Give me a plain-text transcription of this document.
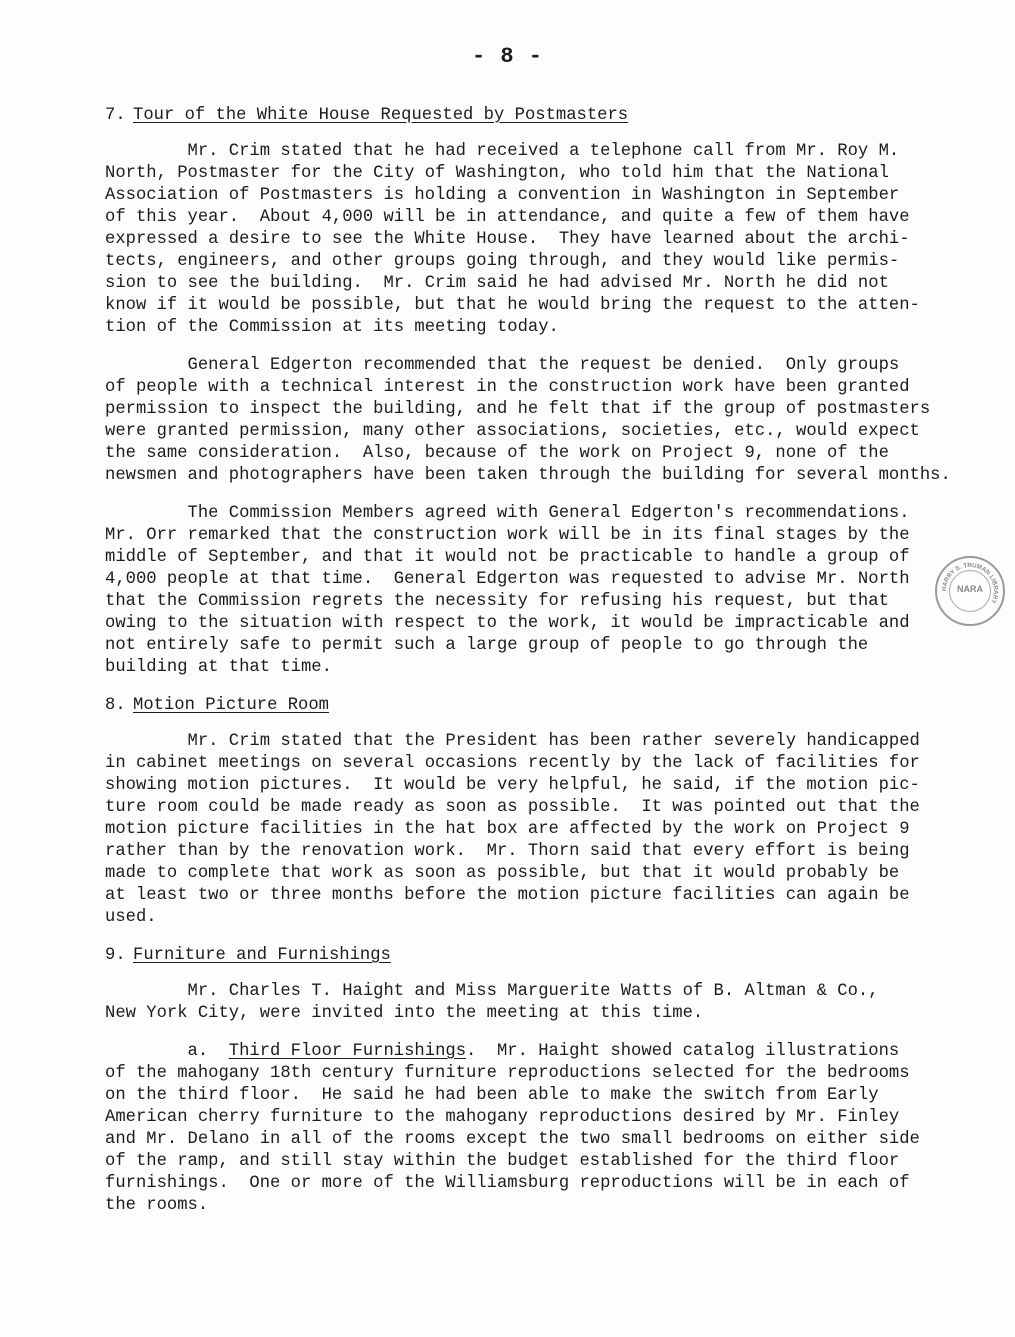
- 8 -
7. Tour of the White House Requested by Postmasters
Mr. Crim stated that he had received a telephone call from Mr. Roy M.
North, Postmaster for the City of Washington, who told him that the National
Association of Postmasters is holding a convention in Washington in September
of this year.  About 4,000 will be in attendance, and quite a few of them have
expressed a desire to see the White House.  They have learned about the archi-
tects, engineers, and other groups going through, and they would like permis-
sion to see the building.  Mr. Crim said he had advised Mr. North he did not
know if it would be possible, but that he would bring the request to the atten-
tion of the Commission at its meeting today.
General Edgerton recommended that the request be denied.  Only groups
of people with a technical interest in the construction work have been granted
permission to inspect the building, and he felt that if the group of postmasters
were granted permission, many other associations, societies, etc., would expect
the same consideration.  Also, because of the work on Project 9, none of the
newsmen and photographers have been taken through the building for several months.
The Commission Members agreed with General Edgerton's recommendations.
Mr. Orr remarked that the construction work will be in its final stages by the
middle of September, and that it would not be practicable to handle a group of
4,000 people at that time.  General Edgerton was requested to advise Mr. North
that the Commission regrets the necessity for refusing his request, but that
owing to the situation with respect to the work, it would be impracticable and
not entirely safe to permit such a large group of people to go through the
building at that time.
8. Motion Picture Room
Mr. Crim stated that the President has been rather severely handicapped
in cabinet meetings on several occasions recently by the lack of facilities for
showing motion pictures.  It would be very helpful, he said, if the motion pic-
ture room could be made ready as soon as possible.  It was pointed out that the
motion picture facilities in the hat box are affected by the work on Project 9
rather than by the renovation work.  Mr. Thorn said that every effort is being
made to complete that work as soon as possible, but that it would probably be
at least two or three months before the motion picture facilities can again be
used.
9. Furniture and Furnishings
Mr. Charles T. Haight and Miss Marguerite Watts of B. Altman & Co.,
New York City, were invited into the meeting at this time.
a.  Third Floor Furnishings.  Mr. Haight showed catalog illustrations
of the mahogany 18th century furniture reproductions selected for the bedrooms
on the third floor.  He said he had been able to make the switch from Early
American cherry furniture to the mahogany reproductions desired by Mr. Finley
and Mr. Delano in all of the rooms except the two small bedrooms on either side
of the ramp, and still stay within the budget established for the third floor
furnishings.  One or more of the Williamsburg reproductions will be in each of
the rooms.
HARRY S. TRUMAN LIBRARY
NARA
